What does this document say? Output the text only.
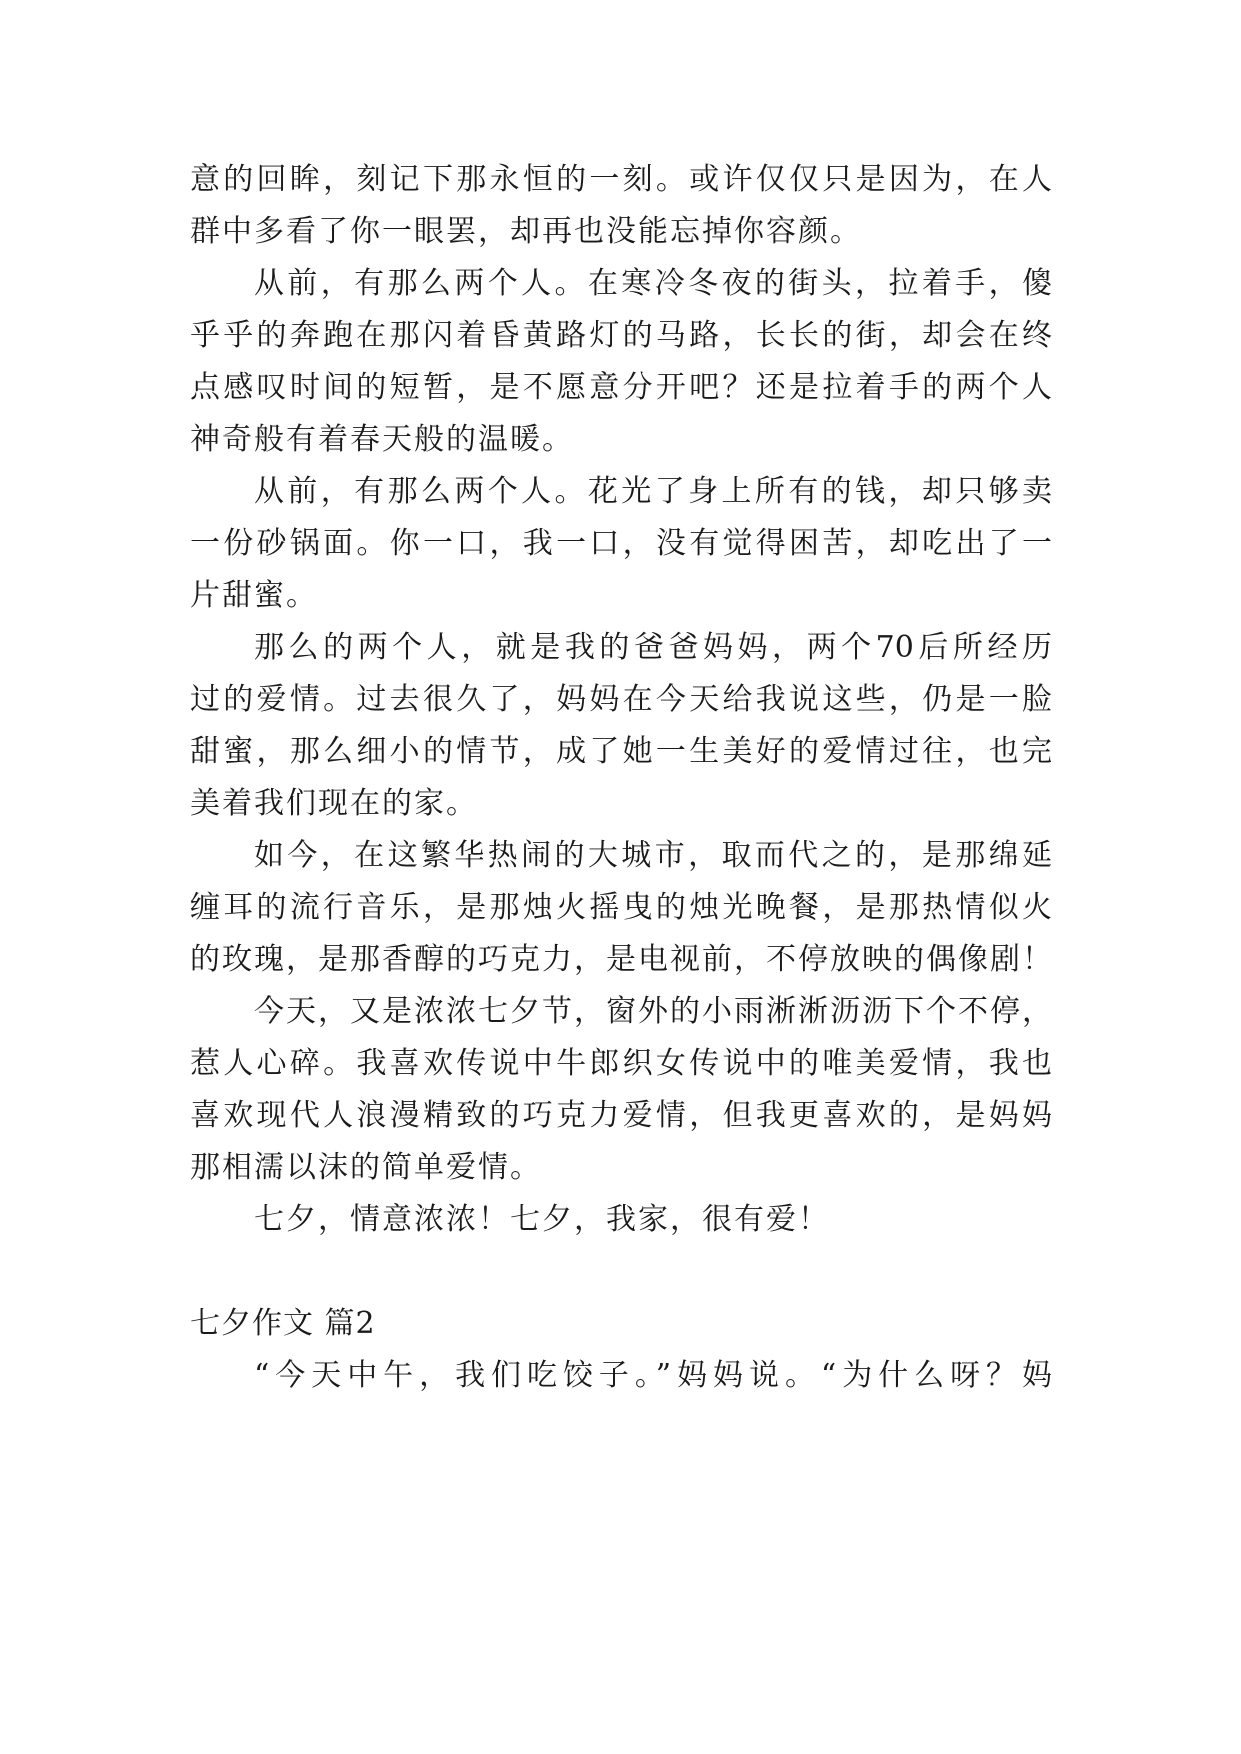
意的回眸，刻记下那永恒的一刻。或许仅仅只是因为，在人
群中多看了你一眼罢，却再也没能忘掉你容颜。
从前，有那么两个人。在寒冷冬夜的街头，拉着手，傻
乎乎的奔跑在那闪着昏黄路灯的马路，长长的街，却会在终
点感叹时间的短暂，是不愿意分开吧？还是拉着手的两个人
神奇般有着春天般的温暖。
从前，有那么两个人。花光了身上所有的钱，却只够卖
一份砂锅面。你一口，我一口，没有觉得困苦，却吃出了一
片甜蜜。
那么的两个人，就是我的爸爸妈妈，两个70后所经历
过的爱情。过去很久了，妈妈在今天给我说这些，仍是一脸
甜蜜，那么细小的情节，成了她一生美好的爱情过往，也完
美着我们现在的家。
如今，在这繁华热闹的大城市，取而代之的，是那绵延
缠耳的流行音乐，是那烛火摇曳的烛光晚餐，是那热情似火
的玫瑰，是那香醇的巧克力，是电视前，不停放映的偶像剧！
今天，又是浓浓七夕节，窗外的小雨淅淅沥沥下个不停，
惹人心碎。我喜欢传说中牛郎织女传说中的唯美爱情，我也
喜欢现代人浪漫精致的巧克力爱情，但我更喜欢的，是妈妈
那相濡以沫的简单爱情。
七夕，情意浓浓！七夕，我家，很有爱！
七夕作文 篇2
“今天中午，我们吃饺子。”妈妈说。“为什么呀？妈
